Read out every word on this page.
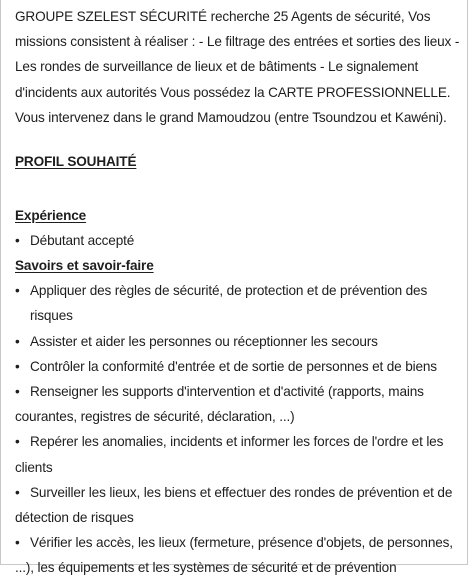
GROUPE SZELEST SÉCURITÉ recherche 25 Agents de sécurité, Vos missions consistent à réaliser : - Le filtrage des entrées et sorties des lieux - Les rondes de surveillance de lieux et de bâtiments - Le signalement d'incidents aux autorités Vous possédez la CARTE PROFESSIONNELLE. Vous intervenez dans le grand Mamoudzou (entre Tsoundzou et Kawéni).

PROFIL SOUHAITÉ

Expérience

• Débutant accepté

Savoirs et savoir-faire

• Appliquer des règles de sécurité, de protection et de prévention des risques
• Assister et aider les personnes ou réceptionner les secours
• Contrôler la conformité d'entrée et de sortie de personnes et de biens
• Renseigner les supports d'intervention et d'activité (rapports, mains courantes, registres de sécurité, déclaration, ...)
• Repérer les anomalies, incidents et informer les forces de l'ordre et les clients
• Surveiller les lieux, les biens et effectuer des rondes de prévention et de détection de risques
• Vérifier les accès, les lieux (fermeture, présence d'objets, de personnes, ...), les équipements et les systèmes de sécurité et de prévention
